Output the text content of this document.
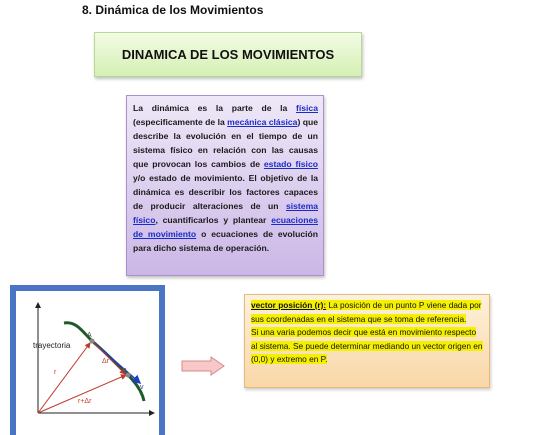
8. Dinámica de los Movimientos
DINAMICA DE LOS MOVIMIENTOS
La dinámica es la parte de la física (especificamente de la mecánica clásica) que describe la evolución en el tiempo de un sistema físico en relación con las causas que provocan los cambios de estado físico y/o estado de movimiento. El objetivo de la dinámica es describir los factores capaces de producir alteraciones de un sistema físico, cuantificarlos y plantear ecuaciones de movimiento o ecuaciones de evolución para dicho sistema de operación.
trayectoria
A
B
r
Δr
r+Δr
v
vector posición (r): La posición de un punto P viene dada por sus coordenadas en el sistema que se toma de referencia.
Si una varia podemos decir que está en movimiento respecto al sistema. Se puede determinar mediando un vector origen en (0,0) y extremo en P.
